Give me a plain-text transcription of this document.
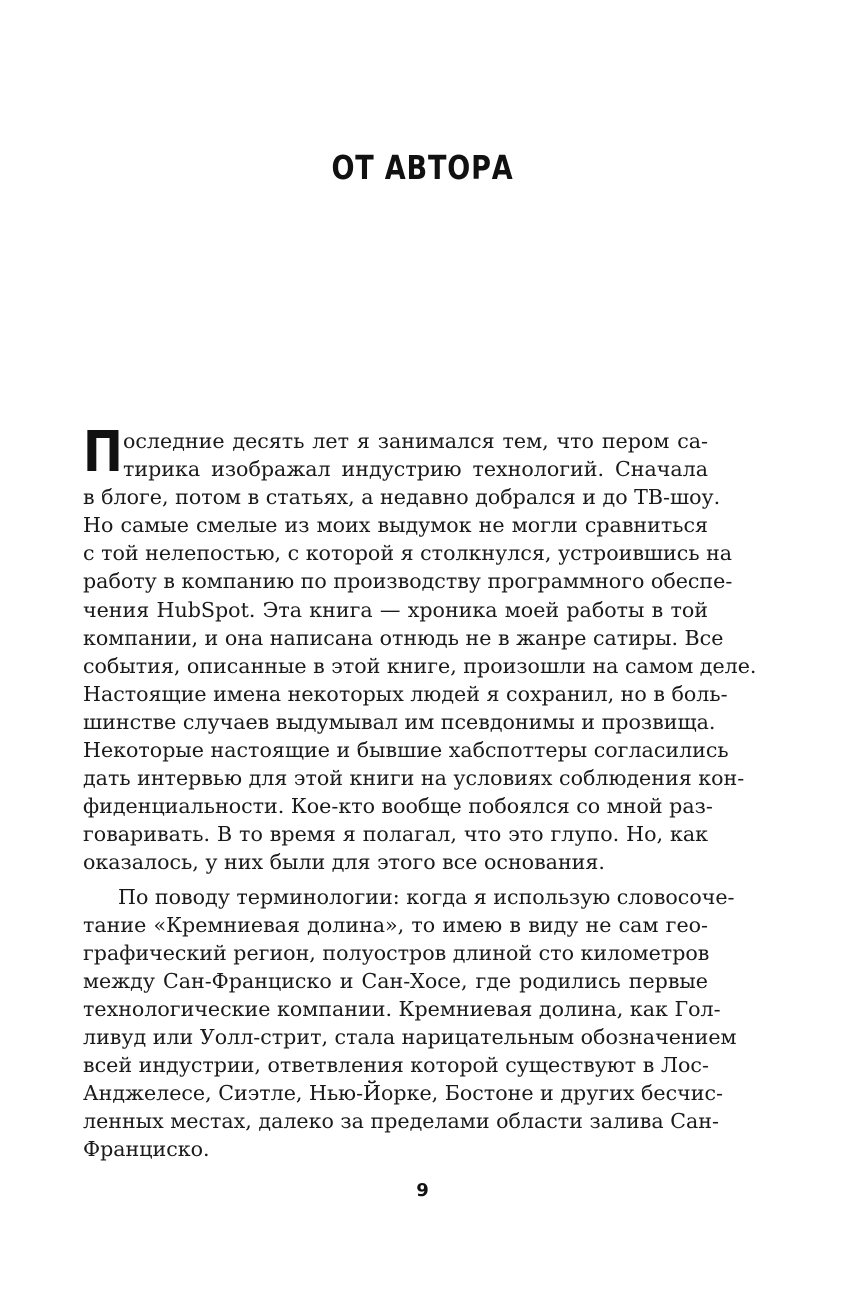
ОТ АВТОРА
П оследние десять лет я занимался тем, что пером са-
тирика изображал индустрию технологий. Сначала
в блоге, потом в статьях, а недавно добрался и до ТВ-шоу.
Но самые смелые из моих выдумок не могли сравниться
с той нелепостью, с которой я столкнулся, устроившись на
работу в компанию по производству программного обеспе-
чения HubSpot. Эта книга — хроника моей работы в той
компании, и она написана отнюдь не в жанре сатиры. Все
события, описанные в этой книге, произошли на самом деле.
Настоящие имена некоторых людей я сохранил, но в боль-
шинстве случаев выдумывал им псевдонимы и прозвища.
Некоторые настоящие и бывшие хабспоттеры согласились
дать интервью для этой книги на условиях соблюдения кон-
фиденциальности. Кое-кто вообще побоялся со мной раз-
говаривать. В то время я полагал, что это глупо. Но, как
оказалось, у них были для этого все основания.
По поводу терминологии: когда я использую словосоче-
тание «Кремниевая долина», то имею в виду не сам гео-
графический регион, полуостров длиной сто километров
между Сан-Франциско и Сан-Хосе, где родились первые
технологические компании. Кремниевая долина, как Гол-
ливуд или Уолл-стрит, стала нарицательным обозначением
всей индустрии, ответвления которой существуют в Лос-
Анджелесе, Сиэтле, Нью-Йорке, Бостоне и других бесчис-
ленных местах, далеко за пределами области залива Сан-
Франциско.
9
